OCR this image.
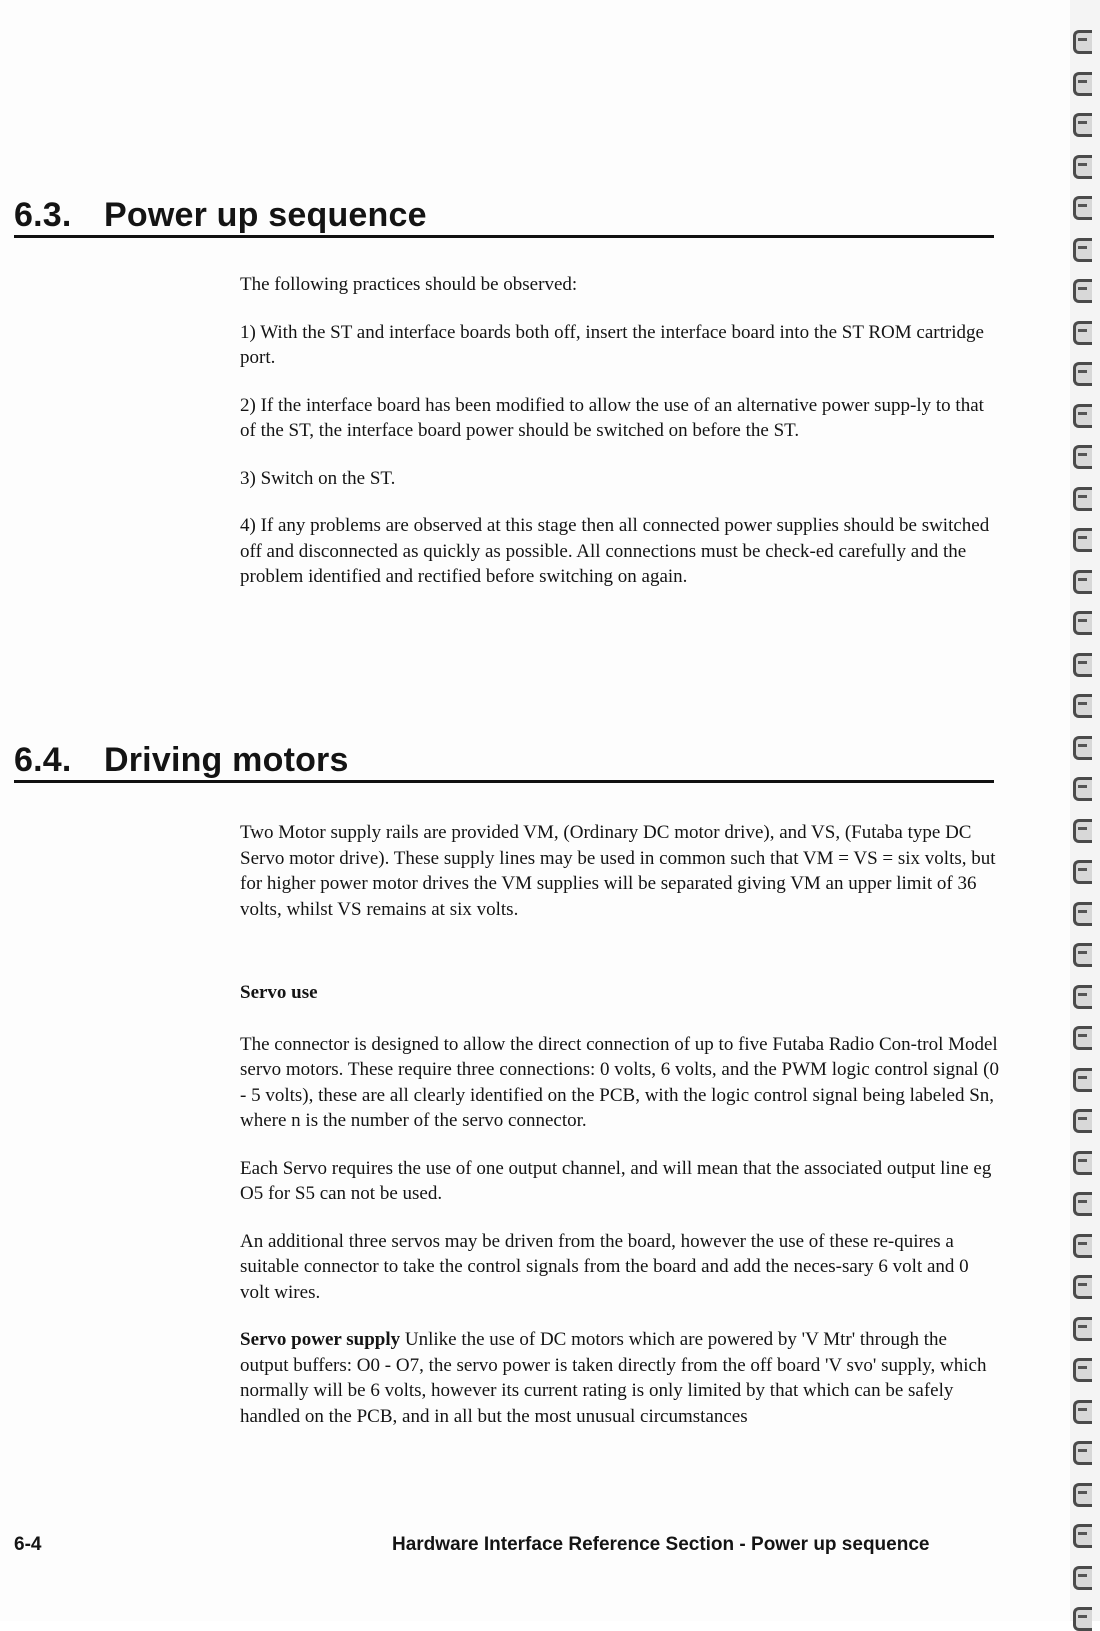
6.3. Power up sequence

The following practices should be observed:

1) With the ST and interface boards both off, insert the interface board into the ST ROM cartridge port.

2) If the interface board has been modified to allow the use of an alternative power supp-ly to that of the ST, the interface board power should be switched on before the ST.

3) Switch on the ST.

4) If any problems are observed at this stage then all connected power supplies should be switched off and disconnected as quickly as possible. All connections must be check-ed carefully and the problem identified and rectified before switching on again.

6.4. Driving motors

Two Motor supply rails are provided VM, (Ordinary DC motor drive), and VS, (Futaba type DC Servo motor drive). These supply lines may be used in common such that VM = VS = six volts, but for higher power motor drives the VM supplies will be separated giving VM an upper limit of 36 volts, whilst VS remains at six volts.

Servo use

The connector is designed to allow the direct connection of up to five Futaba Radio Con-trol Model servo motors. These require three connections: 0 volts, 6 volts, and the PWM logic control signal (0 - 5 volts), these are all clearly identified on the PCB, with the logic control signal being labeled Sn, where n is the number of the servo connector.

Each Servo requires the use of one output channel, and will mean that the associated output line eg O5 for S5 can not be used.

An additional three servos may be driven from the board, however the use of these re-quires a suitable connector to take the control signals from the board and add the neces-sary 6 volt and 0 volt wires.

Servo power supply Unlike the use of DC motors which are powered by 'V Mtr' through the output buffers: O0 - O7, the servo power is taken directly from the off board 'V svo' supply, which normally will be 6 volts, however its current rating is only limited by that which can be safely handled on the PCB, and in all but the most unusual circumstances

6-4	Hardware Interface Reference Section - Power up sequence
